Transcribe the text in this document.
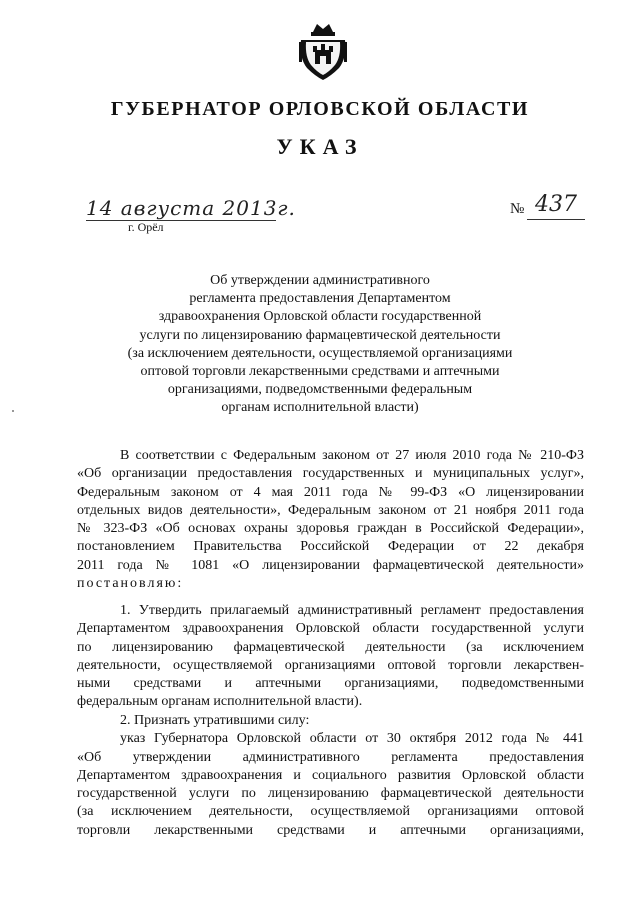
ГУБЕРНАТОР ОРЛОВСКОЙ ОБЛАСТИ
УКАЗ
14 августа 2013г.
г. Орёл
№ 437
Об утверждении административного
регламента предоставления Департаментом
здравоохранения Орловской области государственной
услуги по лицензированию фармацевтической деятельности
(за исключением деятельности, осуществляемой организациями
оптовой торговли лекарственными средствами и аптечными
организациями, подведомственными федеральным
органам исполнительной власти)
В соответствии с Федеральным законом от 27 июля 2010 года № 210-ФЗ
«Об организации предоставления государственных и муниципальных услуг»,
Федеральным законом от 4 мая 2011 года № 99-ФЗ «О лицензировании
отдельных видов деятельности», Федеральным законом от 21 ноября 2011 года
№ 323-ФЗ «Об основах охраны здоровья граждан в Российской Федерации»,
постановлением Правительства Российской Федерации от 22 декабря
2011 года № 1081 «О лицензировании фармацевтической деятельности»
постановляю:
1. Утвердить прилагаемый административный регламент предоставления
Департаментом здравоохранения Орловской области государственной услуги
по лицензированию фармацевтической деятельности (за исключением
деятельности, осуществляемой организациями оптовой торговли лекарствен-
ными средствами и аптечными организациями, подведомственными
федеральным органам исполнительной власти).
2. Признать утратившими силу:
указ Губернатора Орловской области от 30 октября 2012 года № 441
«Об утверждении административного регламента предоставления
Департаментом здравоохранения и социального развития Орловской области
государственной услуги по лицензированию фармацевтической деятельности
(за исключением деятельности, осуществляемой организациями оптовой
торговли лекарственными средствами и аптечными организациями,
